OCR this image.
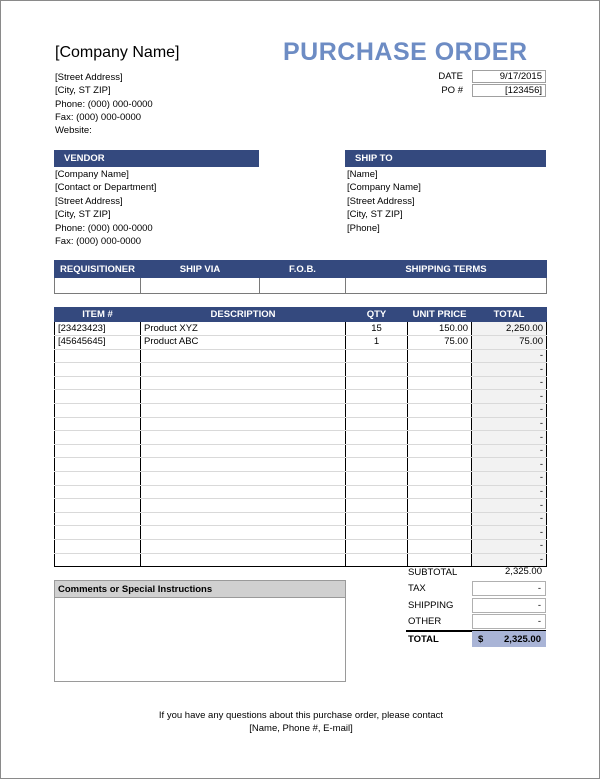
[Company Name]	PURCHASE ORDER
[Street Address]
[City, ST ZIP]
Phone: (000) 000-0000
Fax: (000) 000-0000
Website:
DATE	9/17/2015
PO #	[123456]
VENDOR
[Company Name]
[Contact or Department]
[Street Address]
[City, ST ZIP]
Phone: (000) 000-0000
Fax: (000) 000-0000
SHIP TO
[Name]
[Company Name]
[Street Address]
[City, ST ZIP]
[Phone]
REQUISITIONER	SHIP VIA	F.O.B.	SHIPPING TERMS

ITEM #	DESCRIPTION	QTY	UNIT PRICE	TOTAL
[23423423]	Product XYZ	15	150.00	2,250.00
[45645645]	Product ABC	1	75.00	75.00
				-
				-
				-
				-
				-
				-
				-
				-
				-
				-
				-
				-
				-
				-
				-
				-
Comments or Special Instructions
SUBTOTAL	2,325.00
TAX	-
SHIPPING	-
OTHER	-
TOTAL	$ 2,325.00
If you have any questions about this purchase order, please contact
[Name, Phone #, E-mail]
